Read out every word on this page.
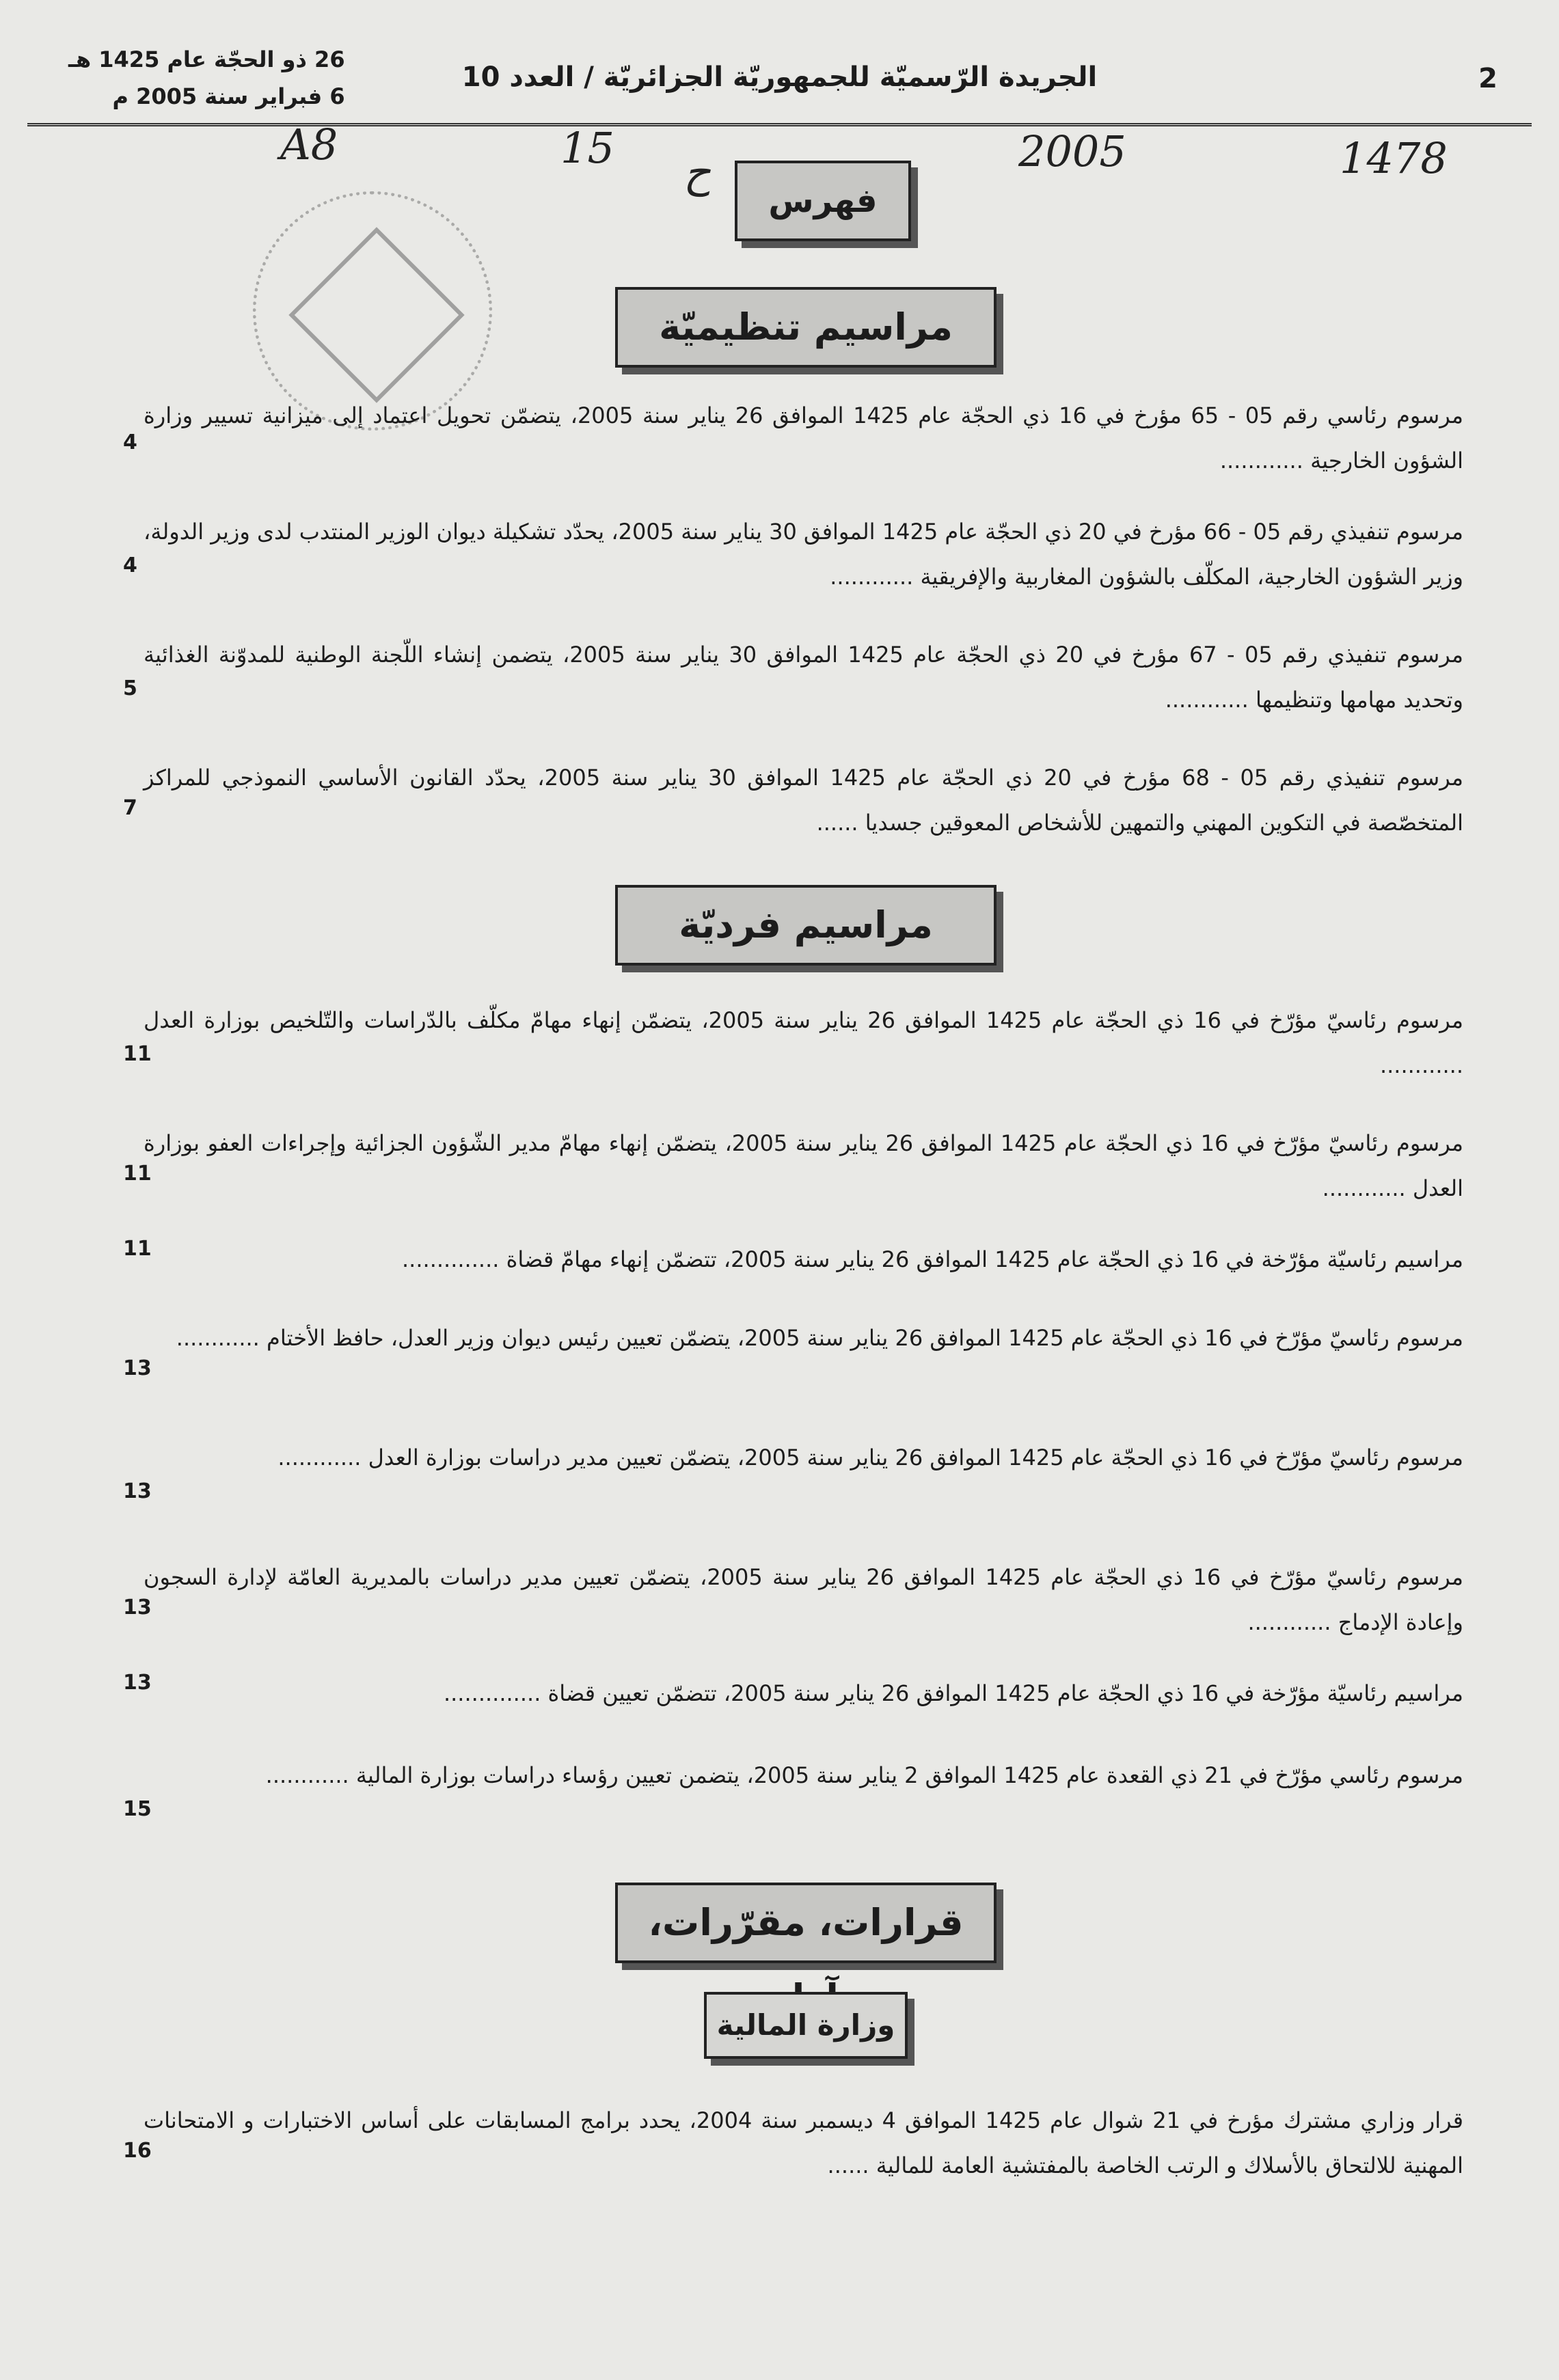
26 ذو الحجّة عام 1425 هـ
6 فبراير سنة 2005 م
الجريدة الرّسميّة للجمهوريّة الجزائريّة / العدد 10	2
A8	15 ح	2005	1478
فهرس
مراسيم تنظيميّة
مرسوم رئاسي رقم 05 - 65 مؤرخ في 16 ذي الحجّة عام 1425 الموافق 26 يناير سنة 2005، يتضمّن تحويل اعتماد إلى ميزانية تسيير وزارة الشؤون الخارجية ............
4
مرسوم تنفيذي رقم 05 - 66 مؤرخ في 20 ذي الحجّة عام 1425 الموافق 30 يناير سنة 2005، يحدّد تشكيلة ديوان الوزير المنتدب لدى وزير الدولة، وزير الشؤون الخارجية، المكلّف بالشؤون المغاربية والإفريقية ............
4
مرسوم تنفيذي رقم 05 - 67 مؤرخ في 20 ذي الحجّة عام 1425 الموافق 30 يناير سنة 2005، يتضمن إنشاء اللّجنة الوطنية للمدوّنة الغذائية وتحديد مهامها وتنظيمها ............
5
مرسوم تنفيذي رقم 05 - 68 مؤرخ في 20 ذي الحجّة عام 1425 الموافق 30 يناير سنة 2005، يحدّد القانون الأساسي النموذجي للمراكز المتخصّصة في التكوين المهني والتمهين للأشخاص المعوقين جسديا ......
7
مراسيم فرديّة
مرسوم رئاسيّ مؤرّخ في 16 ذي الحجّة عام 1425 الموافق 26 يناير سنة 2005، يتضمّن إنهاء مهامّ مكلّف بالدّراسات والتّلخيص بوزارة العدل ............
11
مرسوم رئاسيّ مؤرّخ في 16 ذي الحجّة عام 1425 الموافق 26 يناير سنة 2005، يتضمّن إنهاء مهامّ مدير الشّؤون الجزائية وإجراءات العفو بوزارة العدل ............
11
مراسيم رئاسيّة مؤرّخة في 16 ذي الحجّة عام 1425 الموافق 26 يناير سنة 2005، تتضمّن إنهاء مهامّ قضاة ..............
11
مرسوم رئاسيّ مؤرّخ في 16 ذي الحجّة عام 1425 الموافق 26 يناير سنة 2005، يتضمّن تعيين رئيس ديوان وزير العدل، حافظ الأختام ............
13
مرسوم رئاسيّ مؤرّخ في 16 ذي الحجّة عام 1425 الموافق 26 يناير سنة 2005، يتضمّن تعيين مدير دراسات بوزارة العدل ............
13
مرسوم رئاسيّ مؤرّخ في 16 ذي الحجّة عام 1425 الموافق 26 يناير سنة 2005، يتضمّن تعيين مدير دراسات بالمديرية العامّة لإدارة السجون وإعادة الإدماج ............
13
مراسيم رئاسيّة مؤرّخة في 16 ذي الحجّة عام 1425 الموافق 26 يناير سنة 2005، تتضمّن تعيين قضاة ..............
13
مرسوم رئاسي مؤرّخ في 21 ذي القعدة عام 1425 الموافق 2 يناير سنة 2005، يتضمن تعيين رؤساء دراسات بوزارة المالية ............
15
قرارات، مقرّرات،
وزارة المالية
قرار وزاري مشترك مؤرخ في 21 شوال عام 1425 الموافق 4 ديسمبر سنة 2004، يحدد برامج المسابقات على أساس الاختبارات و الامتحانات المهنية للالتحاق بالأسلاك و الرتب الخاصة بالمفتشية العامة للمالية ......
16
